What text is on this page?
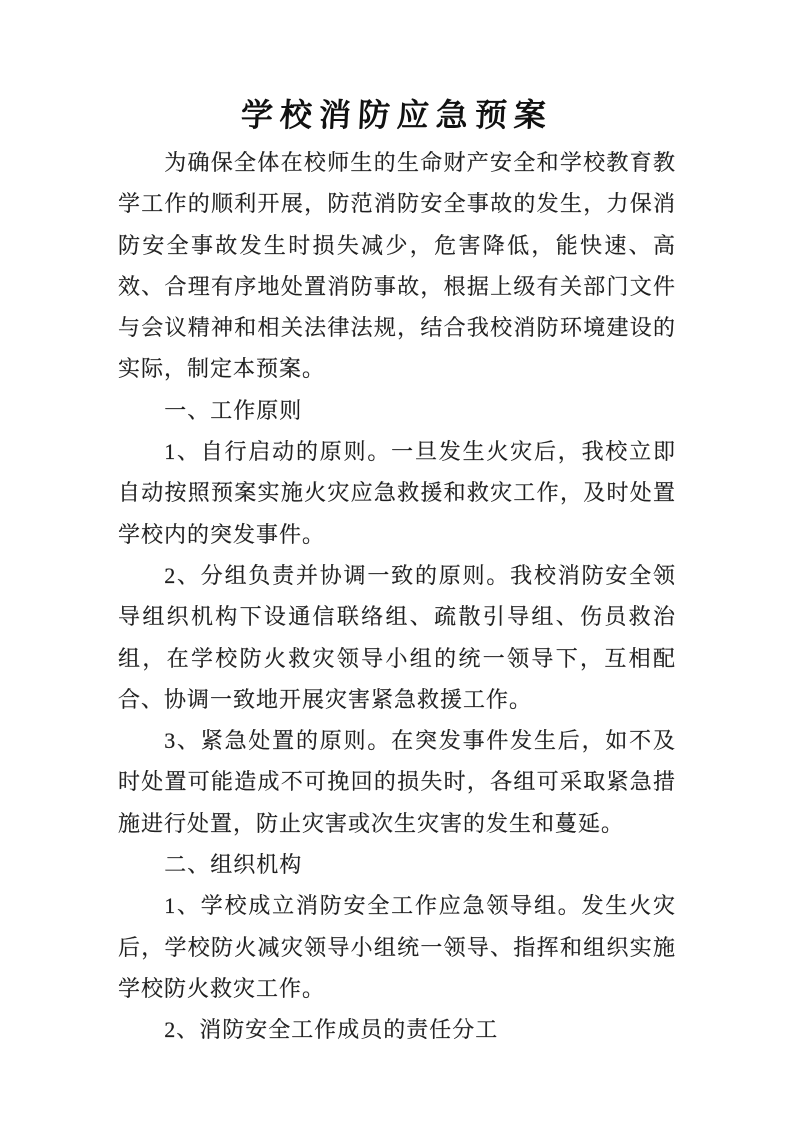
学校消防应急预案

为确保全体在校师生的生命财产安全和学校教育教学工作的顺利开展，防范消防安全事故的发生，力保消防安全事故发生时损失减少，危害降低，能快速、高效、合理有序地处置消防事故，根据上级有关部门文件与会议精神和相关法律法规，结合我校消防环境建设的实际，制定本预案。

一、工作原则

1、自行启动的原则。一旦发生火灾后，我校立即自动按照预案实施火灾应急救援和救灾工作，及时处置学校内的突发事件。

2、分组负责并协调一致的原则。我校消防安全领导组织机构下设通信联络组、疏散引导组、伤员救治组，在学校防火救灾领导小组的统一领导下，互相配合、协调一致地开展灾害紧急救援工作。

3、紧急处置的原则。在突发事件发生后，如不及时处置可能造成不可挽回的损失时，各组可采取紧急措施进行处置，防止灾害或次生灾害的发生和蔓延。

二、组织机构

1、学校成立消防安全工作应急领导组。发生火灾后，学校防火减灾领导小组统一领导、指挥和组织实施学校防火救灾工作。

2、消防安全工作成员的责任分工
